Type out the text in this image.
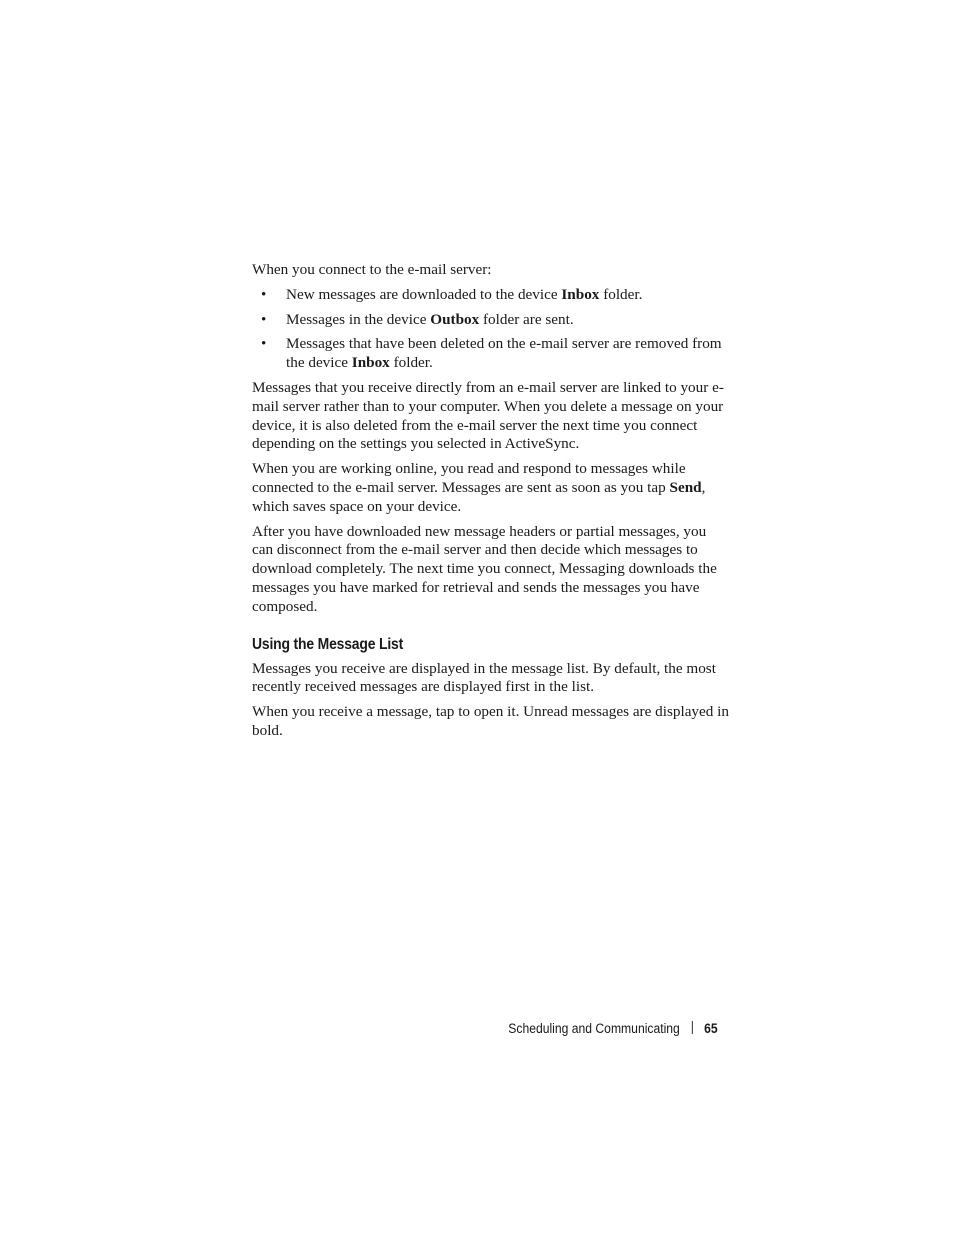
When you connect to the e-mail server:

• New messages are downloaded to the device Inbox folder.
• Messages in the device Outbox folder are sent.
• Messages that have been deleted on the e-mail server are removed from the device Inbox folder.

Messages that you receive directly from an e-mail server are linked to your e-mail server rather than to your computer. When you delete a message on your device, it is also deleted from the e-mail server the next time you connect depending on the settings you selected in ActiveSync.

When you are working online, you read and respond to messages while connected to the e-mail server. Messages are sent as soon as you tap Send, which saves space on your device.

After you have downloaded new message headers or partial messages, you can disconnect from the e-mail server and then decide which messages to download completely. The next time you connect, Messaging downloads the messages you have marked for retrieval and sends the messages you have composed.

Using the Message List

Messages you receive are displayed in the message list. By default, the most recently received messages are displayed first in the list.

When you receive a message, tap to open it. Unread messages are displayed in bold.

Scheduling and Communicating 65
